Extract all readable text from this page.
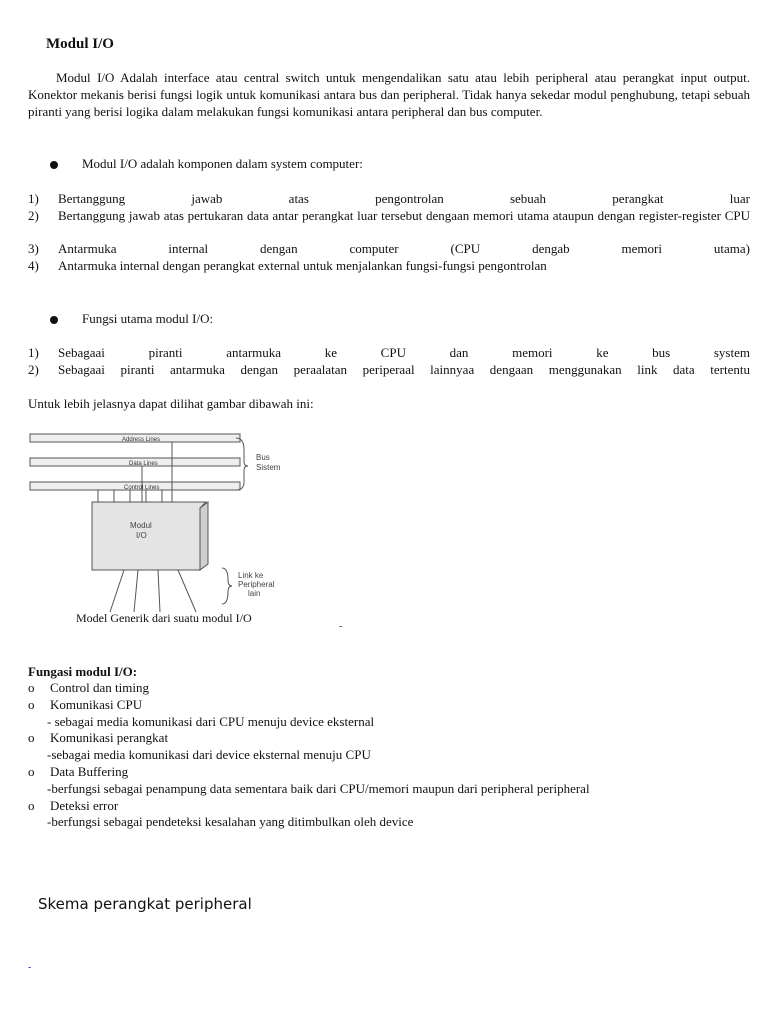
Modul I/O
Modul I/O Adalah interface atau central switch untuk mengendalikan satu atau lebih peripheral atau perangkat input output. Konektor mekanis berisi fungsi logik untuk komunikasi antara bus dan peripheral. Tidak hanya sekedar modul penghubung, tetapi sebuah piranti yang berisi logika dalam melakukan fungsi komunikasi antara peripheral dan bus computer.
Modul I/O adalah komponen dalam system computer:
1) Bertanggung jawab atas pengontrolan sebuah perangkat luar
2) Bertanggung jawab atas pertukaran data antar perangkat luar tersebut dengaan memori utama ataupun dengan register-register CPU
3) Antarmuka internal dengan computer (CPU dengab memori utama)
4) Antarmuka internal dengan perangkat external untuk menjalankan fungsi-fungsi pengontrolan
Fungsi utama modul I/O:
1) Sebagaai piranti antarmuka ke CPU dan memori ke bus system
2) Sebagaai piranti antarmuka dengan peraalatan periperaal lainnyaa dengaan menggunakan link data tertentu
Untuk lebih jelasnya dapat dilihat gambar dibawah ini:
Address Lines
Data Lines
Control Lines
Bus Sistem
Modul I/O
Link ke Peripheral lain
Model Generik dari suatu modul I/O
-
Fungasi modul I/O:
o Control dan timing
o Komunikasi CPU
- sebagai media komunikasi dari CPU menuju device eksternal
o Komunikasi perangkat
-sebagai media komunikasi dari device eksternal menuju CPU
o Data Buffering
-berfungsi sebagai penampung data sementara baik dari CPU/memori maupun dari peripheral peripheral
o Deteksi error
-berfungsi sebagai pendeteksi kesalahan yang ditimbulkan oleh device
Skema perangkat peripheral
-
